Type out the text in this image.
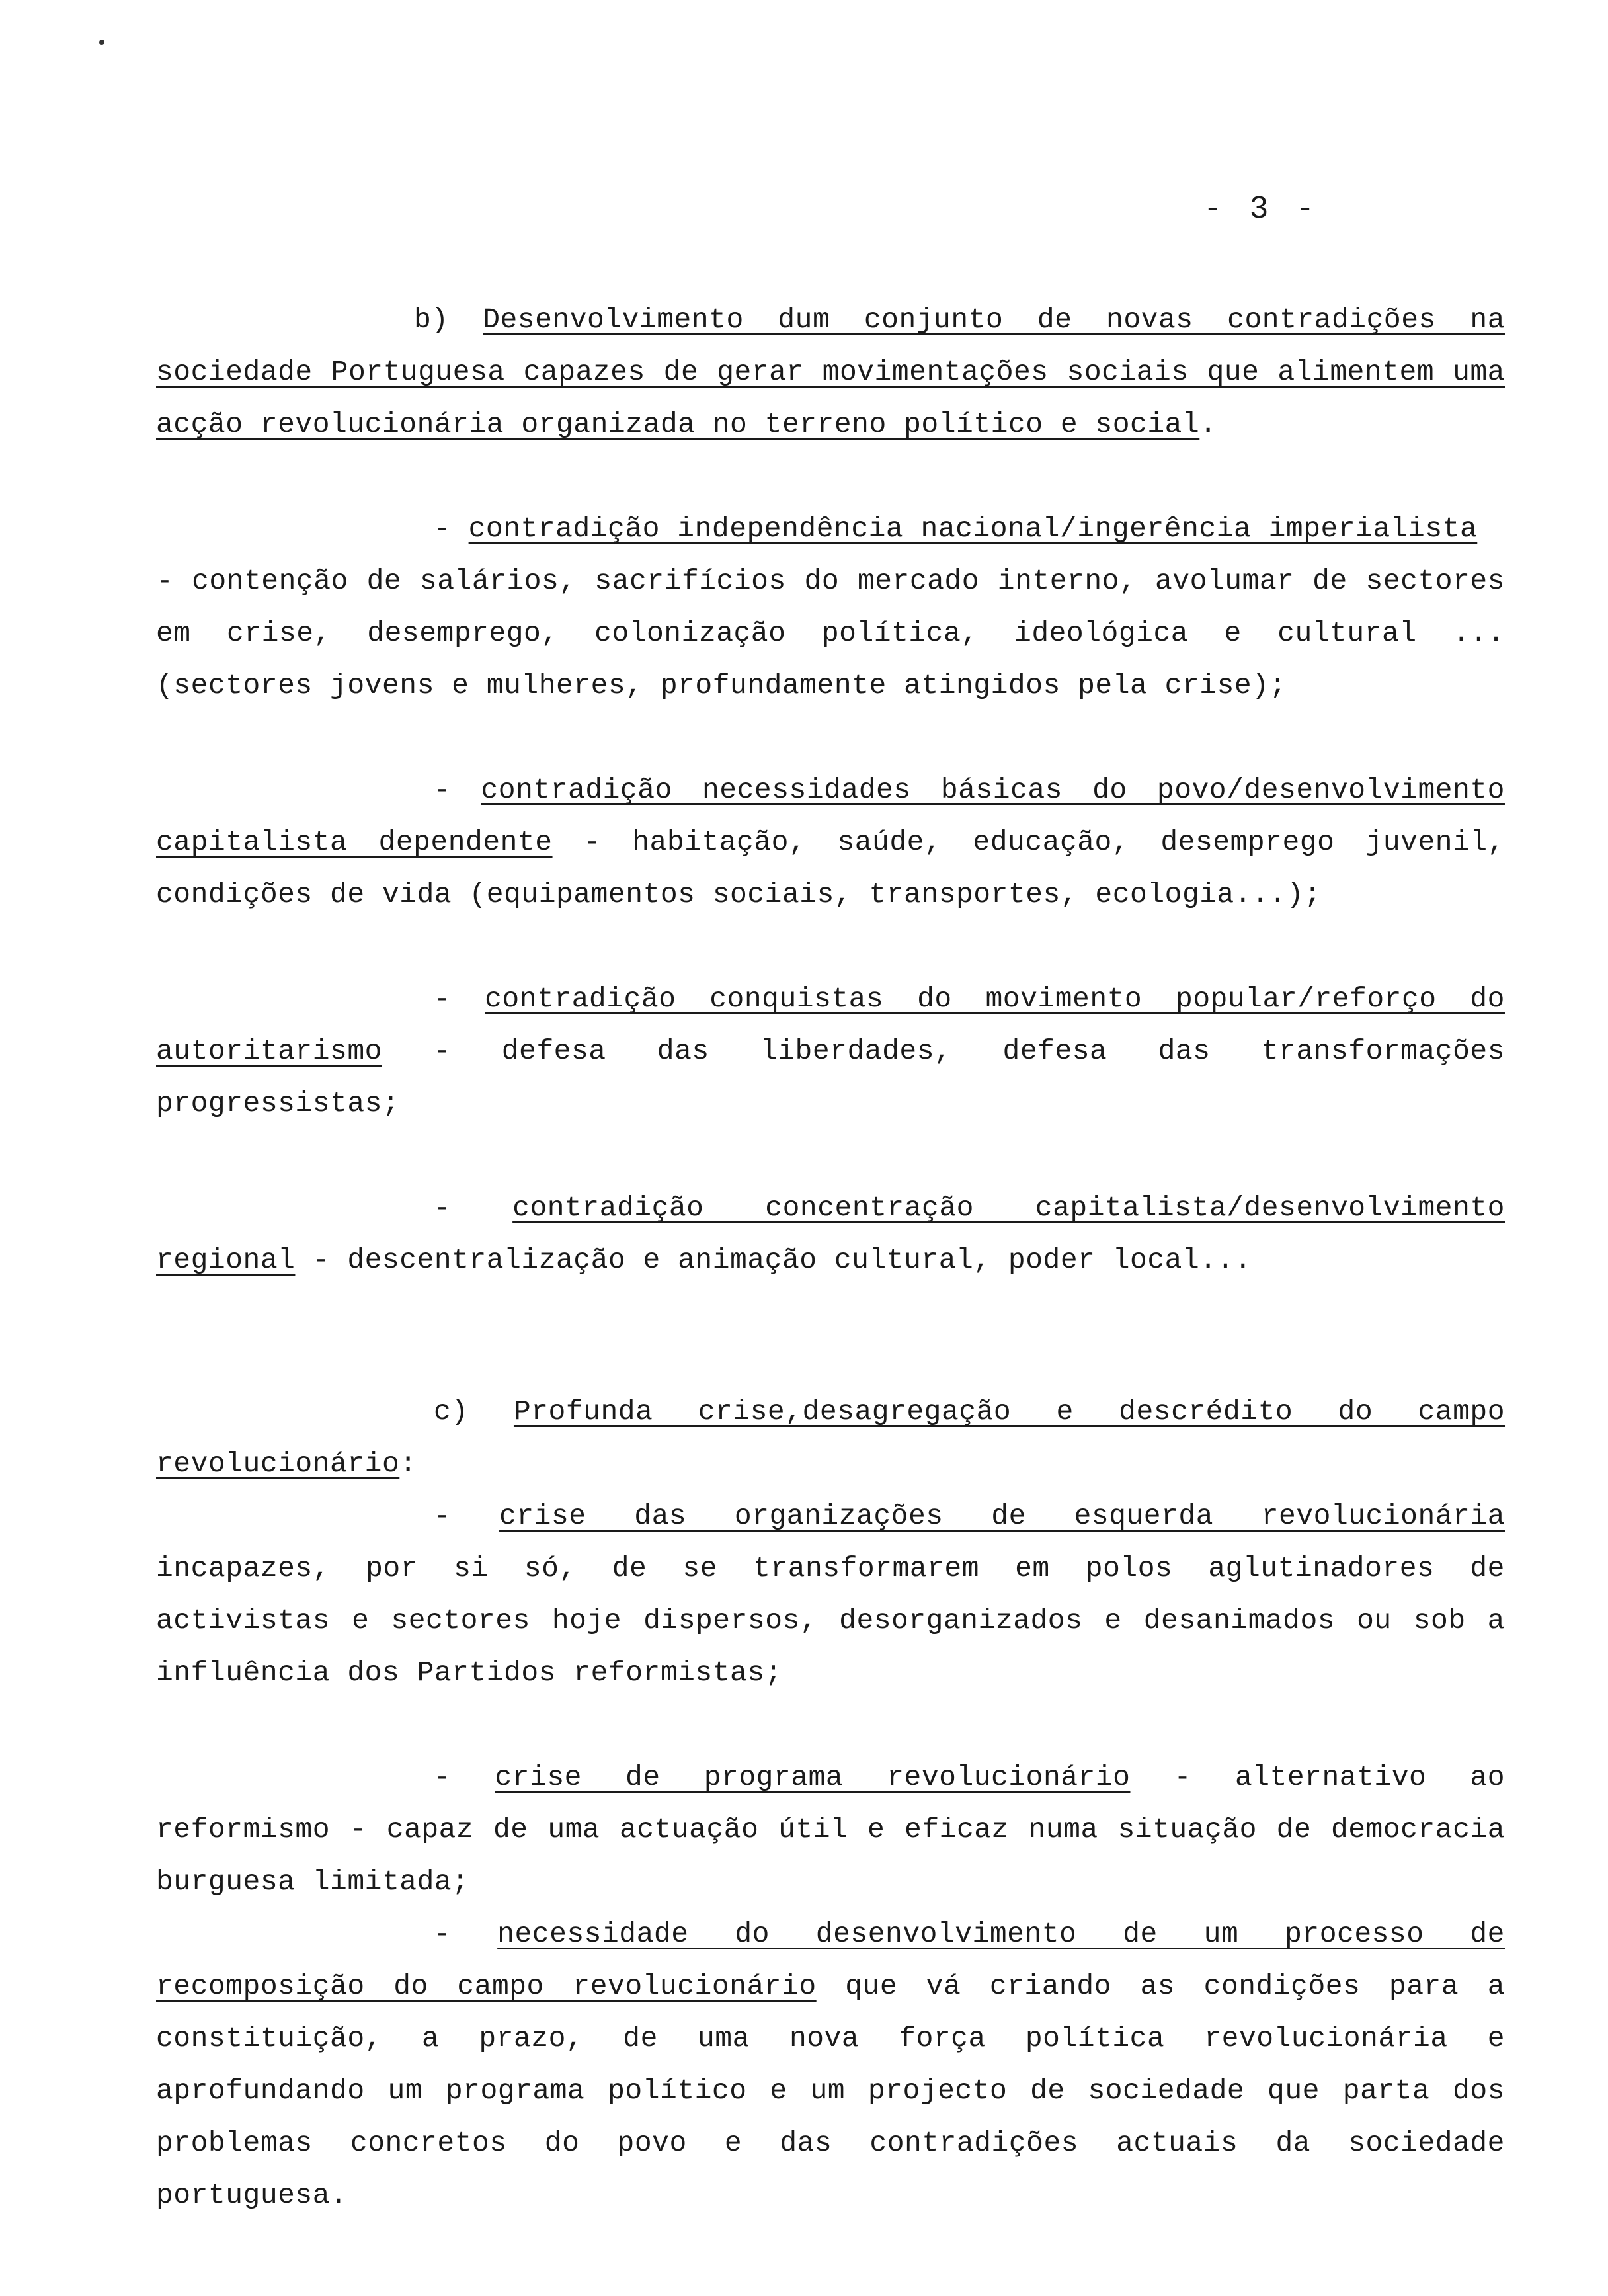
- 3 -

b) Desenvolvimento dum conjunto de novas contradições na sociedade Portuguesa capazes de gerar movimentações sociais que alimentem uma acção revolucionária organizada no terreno político e social.

- contradição independência nacional/ingerência imperialista

- contenção de salários, sacrifícios do mercado interno, avolumar de sectores em crise, desemprego, colonização política, ideológica e cultural ...(sectores jovens e mulheres, profundamente atingidos pela crise);

- contradição necessidades básicas do povo/desenvolvimento capitalista dependente - habitação, saúde, educação, desemprego juvenil, condições de vida (equipamentos sociais, transportes, ecologia...);

- contradição conquistas do movimento popular/reforço do autoritarismo - defesa das liberdades, defesa das transformações progressistas;

- contradição concentração capitalista/desenvolvimento regional - descentralização e animação cultural, poder local...

c) Profunda crise,desagregação e descrédito do campo revolucionário:

- crise das organizações de esquerda revolucionária incapazes, por si só, de se transformarem em polos aglutinadores de activistas e sectores hoje dispersos, desorganizados e desanimados ou sob a influência dos Partidos reformistas;

- crise de programa revolucionário - alternativo ao reformismo - capaz de uma actuação útil e eficaz numa situação de democracia burguesa limitada;

- necessidade do desenvolvimento de um processo de recomposição do campo revolucionário que vá criando as condições para a constituição, a prazo, de uma nova força política revolucionária e aprofundando um programa político e um projecto de sociedade que parta dos problemas concretos do povo e das contradições actuais da sociedade portuguesa.
